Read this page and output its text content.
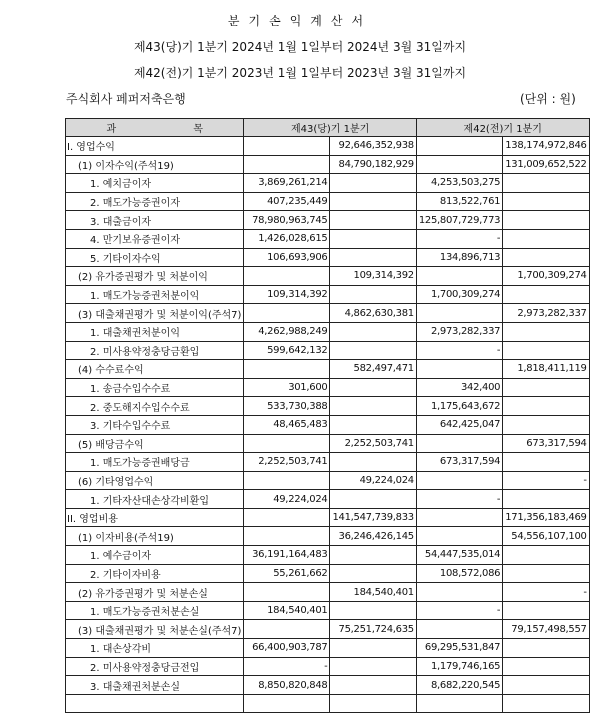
분기손익계산서
제43(당)기 1분기 2024년 1월 1일부터 2024년 3월 31일까지
제42(전)기 1분기 2023년 1월 1일부터 2023년 3월 31일까지
주식회사 페퍼저축은행	(단위 : 원)
과 목	제43(당)기 1분기		제42(전)기 1분기	
I. 영업수익		92,646,352,938		138,174,972,846
(1) 이자수익(주석19)		84,790,182,929		131,009,652,522
1. 예치금이자	3,869,261,214		4,253,503,275	
2. 매도가능증권이자	407,235,449		813,522,761	
3. 대출금이자	78,980,963,745		125,807,729,773	
4. 만기보유증권이자	1,426,028,615		-	
5. 기타이자수익	106,693,906		134,896,713	
(2) 유가증권평가 및 처분이익		109,314,392		1,700,309,274
1. 매도가능증권처분이익	109,314,392		1,700,309,274	
(3) 대출채권평가 및 처분이익(주석7)		4,862,630,381		2,973,282,337
1. 대출채권처분이익	4,262,988,249		2,973,282,337	
2. 미사용약정충당금환입	599,642,132		-	
(4) 수수료수익		582,497,471		1,818,411,119
1. 송금수입수수료	301,600		342,400	
2. 중도해지수입수수료	533,730,388		1,175,643,672	
3. 기타수입수수료	48,465,483		642,425,047	
(5) 배당금수익		2,252,503,741		673,317,594
1. 매도가능증권배당금	2,252,503,741		673,317,594	
(6) 기타영업수익		49,224,024		-
1. 기타자산대손상각비환입	49,224,024		-	
II. 영업비용		141,547,739,833		171,356,183,469
(1) 이자비용(주석19)		36,246,426,145		54,556,107,100
1. 예수금이자	36,191,164,483		54,447,535,014	
2. 기타이자비용	55,261,662		108,572,086	
(2) 유가증권평가 및 처분손실		184,540,401		-
1. 매도가능증권처분손실	184,540,401		-	
(3) 대출채권평가 및 처분손실(주석7)		75,251,724,635		79,157,498,557
1. 대손상각비	66,400,903,787		69,295,531,847	
2. 미사용약정충당금전입	-		1,179,746,165	
3. 대출채권처분손실	8,850,820,848		8,682,220,545	
